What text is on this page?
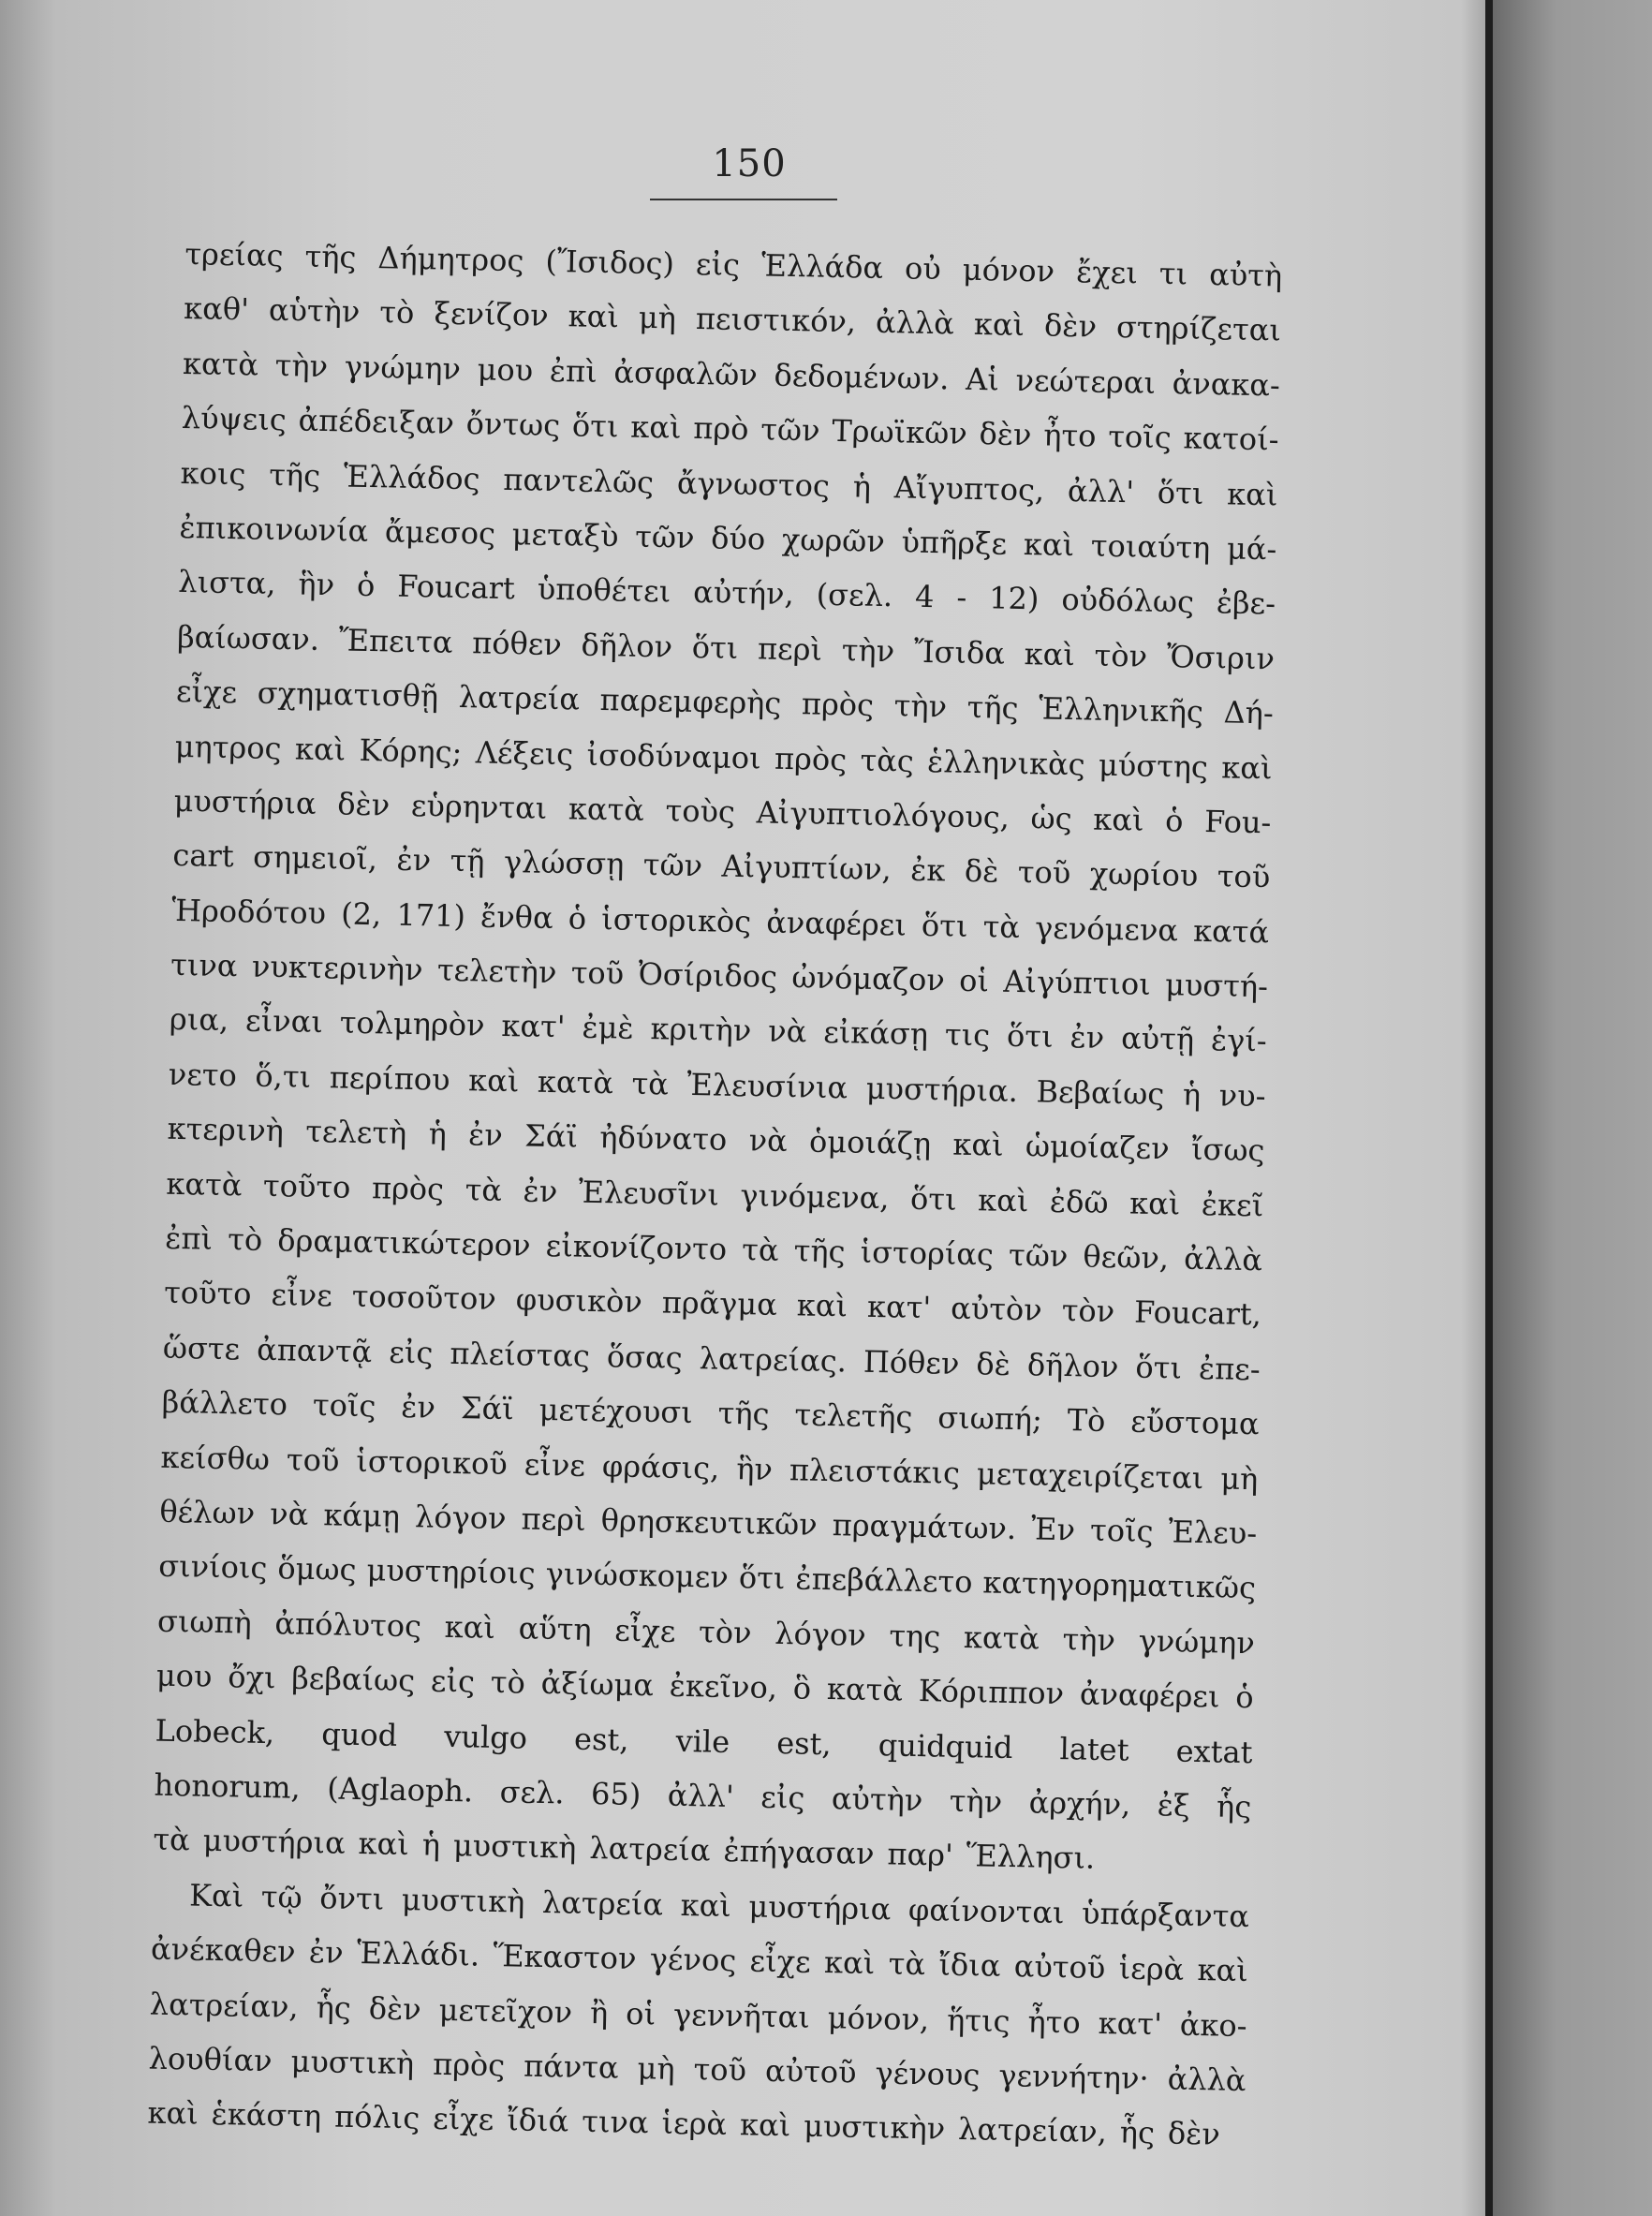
150
τρείας τῆς Δήμητρος (Ἴσιδος) εἰς Ἑλλάδα οὐ μόνον ἔχει τι αὐτὴ
καθ' αὑτὴν τὸ ξενίζον καὶ μὴ πειστικόν, ἀλλὰ καὶ δὲν στηρίζεται
κατὰ τὴν γνώμην μου ἐπὶ ἀσφαλῶν δεδομένων. Αἱ νεώτεραι ἀνακα-
λύψεις ἀπέδειξαν ὄντως ὅτι καὶ πρὸ τῶν Τρωϊκῶν δὲν ἦτο τοῖς κατοί-
κοις τῆς Ἑλλάδος παντελῶς ἄγνωστος ἡ Αἴγυπτος, ἀλλ' ὅτι καὶ
ἐπικοινωνία ἄμεσος μεταξὺ τῶν δύο χωρῶν ὑπῆρξε καὶ τοιαύτη μά-
λιστα, ἣν ὁ Foucart ὑποθέτει αὐτήν, (σελ. 4 - 12) οὐδόλως ἐβε-
βαίωσαν. Ἔπειτα πόθεν δῆλον ὅτι περὶ τὴν Ἴσιδα καὶ τὸν Ὄσιριν
εἶχε σχηματισθῇ λατρεία παρεμφερὴς πρὸς τὴν τῆς Ἑλληνικῆς Δή-
μητρος καὶ Κόρης; Λέξεις ἰσοδύναμοι πρὸς τὰς ἑλληνικὰς μύστης καὶ
μυστήρια δὲν εὑρηνται κατὰ τοὺς Αἰγυπτιολόγους, ὡς καὶ ὁ Fou-
cart σημειοῖ, ἐν τῇ γλώσσῃ τῶν Αἰγυπτίων, ἐκ δὲ τοῦ χωρίου τοῦ
Ἡροδότου (2, 171) ἔνθα ὁ ἱστορικὸς ἀναφέρει ὅτι τὰ γενόμενα κατά
τινα νυκτερινὴν τελετὴν τοῦ Ὀσίριδος ὠνόμαζον οἱ Αἰγύπτιοι μυστή-
ρια, εἶναι τολμηρὸν κατ' ἐμὲ κριτὴν νὰ εἰκάσῃ τις ὅτι ἐν αὐτῇ ἐγί-
νετο ὅ,τι περίπου καὶ κατὰ τὰ Ἐλευσίνια μυστήρια. Βεβαίως ἡ νυ-
κτερινὴ τελετὴ ἡ ἐν Σάϊ ἠδύνατο νὰ ὁμοιάζῃ καὶ ὡμοίαζεν ἴσως
κατὰ τοῦτο πρὸς τὰ ἐν Ἐλευσῖνι γινόμενα, ὅτι καὶ ἐδῶ καὶ ἐκεῖ
ἐπὶ τὸ δραματικώτερον εἰκονίζοντο τὰ τῆς ἱστορίας τῶν θεῶν, ἀλλὰ
τοῦτο εἶνε τοσοῦτον φυσικὸν πρᾶγμα καὶ κατ' αὐτὸν τὸν Foucart,
ὥστε ἀπαντᾷ εἰς πλείστας ὅσας λατρείας. Πόθεν δὲ δῆλον ὅτι ἐπε-
βάλλετο τοῖς ἐν Σάϊ μετέχουσι τῆς τελετῆς σιωπή; Τὸ εὔστομα
κείσθω τοῦ ἱστορικοῦ εἶνε φράσις, ἣν πλειστάκις μεταχειρίζεται μὴ
θέλων νὰ κάμῃ λόγον περὶ θρησκευτικῶν πραγμάτων. Ἐν τοῖς Ἐλευ-
σινίοις ὅμως μυστηρίοις γινώσκομεν ὅτι ἐπεβάλλετο κατηγορηματικῶς
σιωπὴ ἀπόλυτος καὶ αὕτη εἶχε τὸν λόγον της κατὰ τὴν γνώμην
μου ὄχι βεβαίως εἰς τὸ ἀξίωμα ἐκεῖνο, ὃ κατὰ Κόριππον ἀναφέρει ὁ
Lobeck, quod vulgo est, vile est, quidquid latet extat
honorum, (Aglaoph. σελ. 65) ἀλλ' εἰς αὐτὴν τὴν ἀρχήν, ἐξ ἧς
τὰ μυστήρια καὶ ἡ μυστικὴ λατρεία ἐπήγασαν παρ' Ἕλλησι.
Καὶ τῷ ὄντι μυστικὴ λατρεία καὶ μυστήρια φαίνονται ὑπάρξαντα
ἀνέκαθεν ἐν Ἑλλάδι. Ἕκαστον γένος εἶχε καὶ τὰ ἴδια αὐτοῦ ἱερὰ καὶ
λατρείαν, ἧς δὲν μετεῖχον ἢ οἱ γεννῆται μόνον, ἥτις ἦτο κατ' ἀκο-
λουθίαν μυστικὴ πρὸς πάντα μὴ τοῦ αὐτοῦ γένους γεννήτην· ἀλλὰ
καὶ ἑκάστη πόλις εἶχε ἴδιά τινα ἱερὰ καὶ μυστικὴν λατρείαν, ἧς δὲν
